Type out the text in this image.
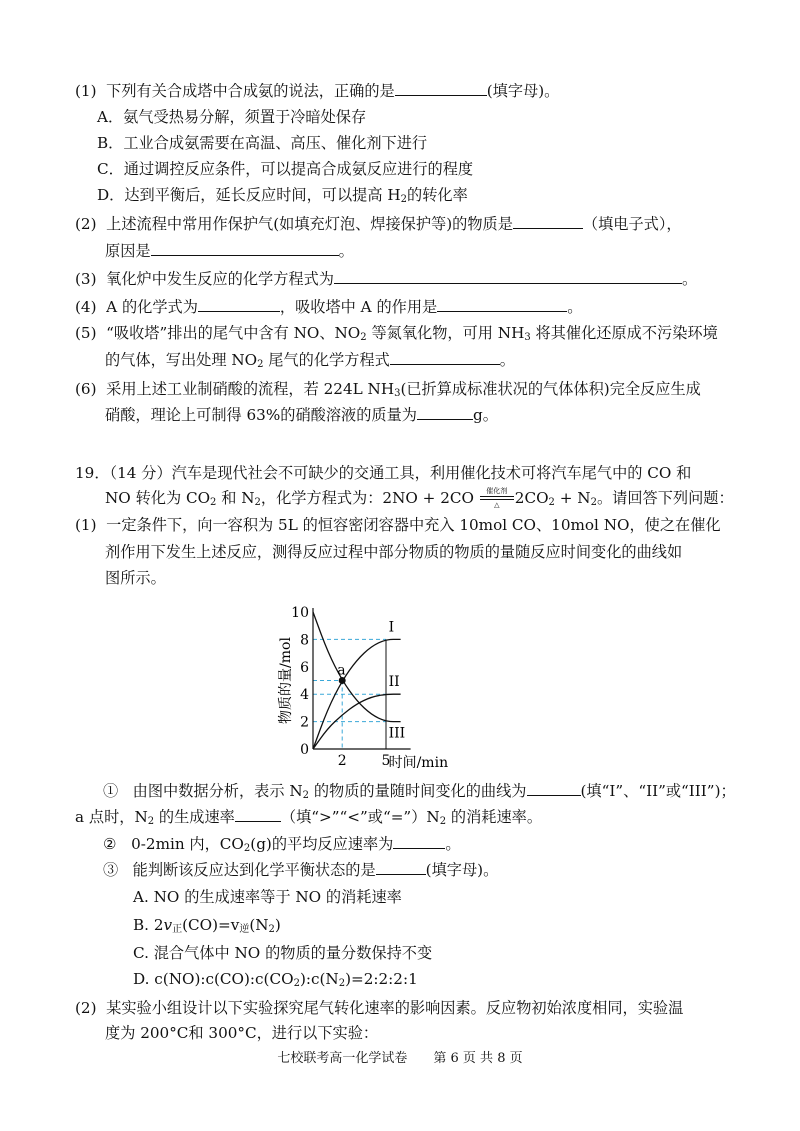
(1) 下列有关合成塔中合成氨的说法，正确的是	(填字母)。
A．氨气受热易分解，须置于冷暗处保存
B．工业合成氨需要在高温、高压、催化剂下进行
C．通过调控反应条件，可以提高合成氨反应进行的程度
D．达到平衡后，延长反应时间，可以提高 $H_2$的转化率
(2) 上述流程中常用作保护气(如填充灯泡、焊接保护等)的物质是	（填电子式），
原因是	。
(3) 氧化炉中发生反应的化学方程式为	。
(4) A 的化学式为	，吸收塔中 A 的作用是	。
(5) “吸收塔”排出的尾气中含有 NO、$NO_2$ 等氮氧化物，可用 $NH_3$ 将其催化还原成不污染环境
的气体，写出处理 $NO_2$ 尾气的化学方程式	。
(6) 采用上述工业制硝酸的流程，若 224L $NH_3$(已折算成标准状况的气体体积)完全反应生成
硝酸，理论上可制得 63%的硝酸溶液的质量为	g。
19．（14 分）汽车是现代社会不可缺少的交通工具，利用催化技术可将汽车尾气中的 CO 和
NO 转化为 $CO_2$ 和 $N_2$，化学方程式为：2NO + 2CO	催化剂
△	$2CO_2 + N_2$。请回答下列问题：
(1) 一定条件下，向一容积为 5L 的恒容密闭容器中充入 10mol CO、10mol NO，使之在催化
剂作用下发生上述反应，测得反应过程中部分物质的物质的量随反应时间变化的曲线如
图所示。
0
2
4
6
8
10
2 5
时间/min
物质的量/mol
I
II
III
a
① 由图中数据分析，表示 $N_2$ 的物质的量随时间变化的曲线为	(填“I”、“II”或“III”)；
a 点时，$N_2$ 的生成速率	（填“>”“<”或“$=”)N_2$ 的消耗速率。
② 0-2min 内，$CO_2(g)$的平均反应速率为	。
③ 能判断该反应达到化学平衡状态的是	(填字母)。
A. NO 的生成速率等于 NO 的消耗速率
B. $2v_正(CO)=v_逆(N_2)$
C. 混合气体中 NO 的物质的量分数保持不变
D. $c(NO):c(CO):c(CO_2):c(N_2)=2:2:2:1$
(2) 某实验小组设计以下实验探究尾气转化速率的影响因素。反应物初始浓度相同，实验温
度为 200°C和 300°C，进行以下实验：
七校联考高一化学试卷　　第 6 页 共 8 页
